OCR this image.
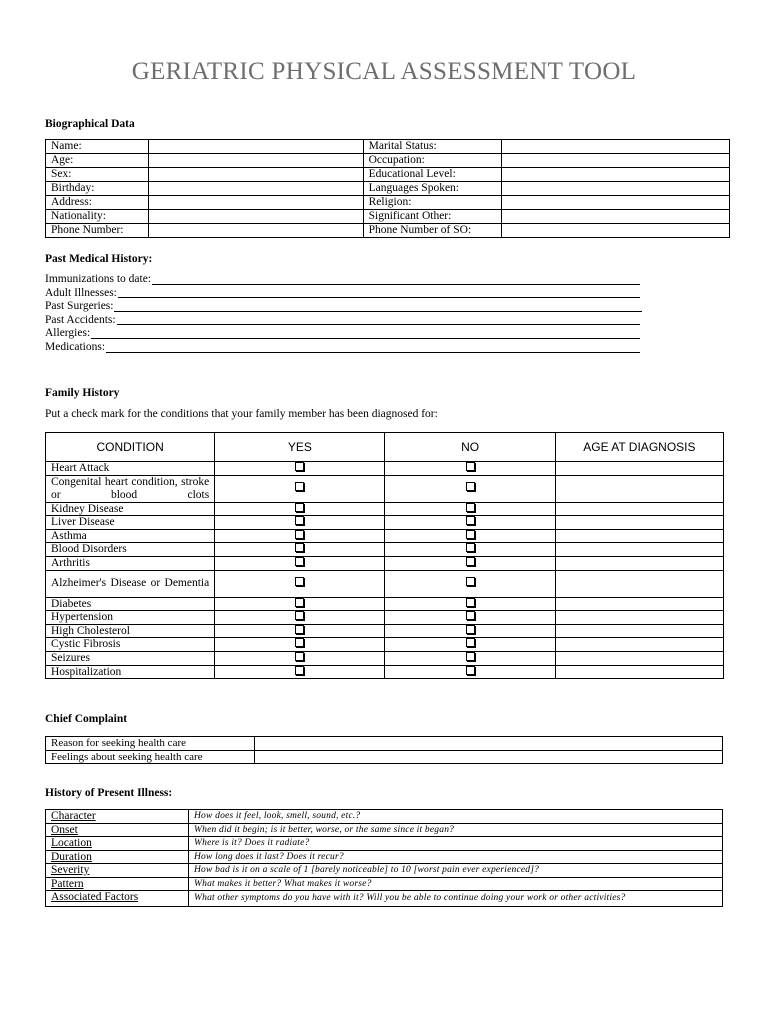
GERIATRIC PHYSICAL ASSESSMENT TOOL
Biographical Data
Name:		Marital Status:	
Age:		Occupation:	
Sex:		Educational Level:	
Birthday:		Languages Spoken:	
Address:		Religion:	
Nationality:		Significant Other:	
Phone Number:		Phone Number of SO:	
Past Medical History:
Immunizations to date:
Adult Illnesses:
Past Surgeries:
Past Accidents:
Allergies:
Medications:
Family History
Put a check mark for the conditions that your family member has been diagnosed for:
CONDITION	YES	NO	AGE AT DIAGNOSIS
Heart Attack			
Congenital heart condition, stroke or blood clots			
Kidney Disease			
Liver Disease			
Asthma			
Blood Disorders			
Arthritis			
Alzheimer's Disease or Dementia			
Diabetes			
Hypertension			
High Cholesterol			
Cystic Fibrosis			
Seizures			
Hospitalization			
Chief Complaint
Reason for seeking health care	
Feelings about seeking health care	
History of Present Illness:
Character	How does it feel, look, smell, sound, etc.?
Onset	When did it begin; is it better, worse, or the same since it began?
Location	Where is it? Does it radiate?
Duration	How long does it last? Does it recur?
Severity	How bad is it on a scale of 1 [barely noticeable] to 10 [worst pain ever experienced]?
Pattern	What makes it better? What makes it worse?
Associated Factors	What other symptoms do you have with it? Will you be able to continue doing your work or other activities?
